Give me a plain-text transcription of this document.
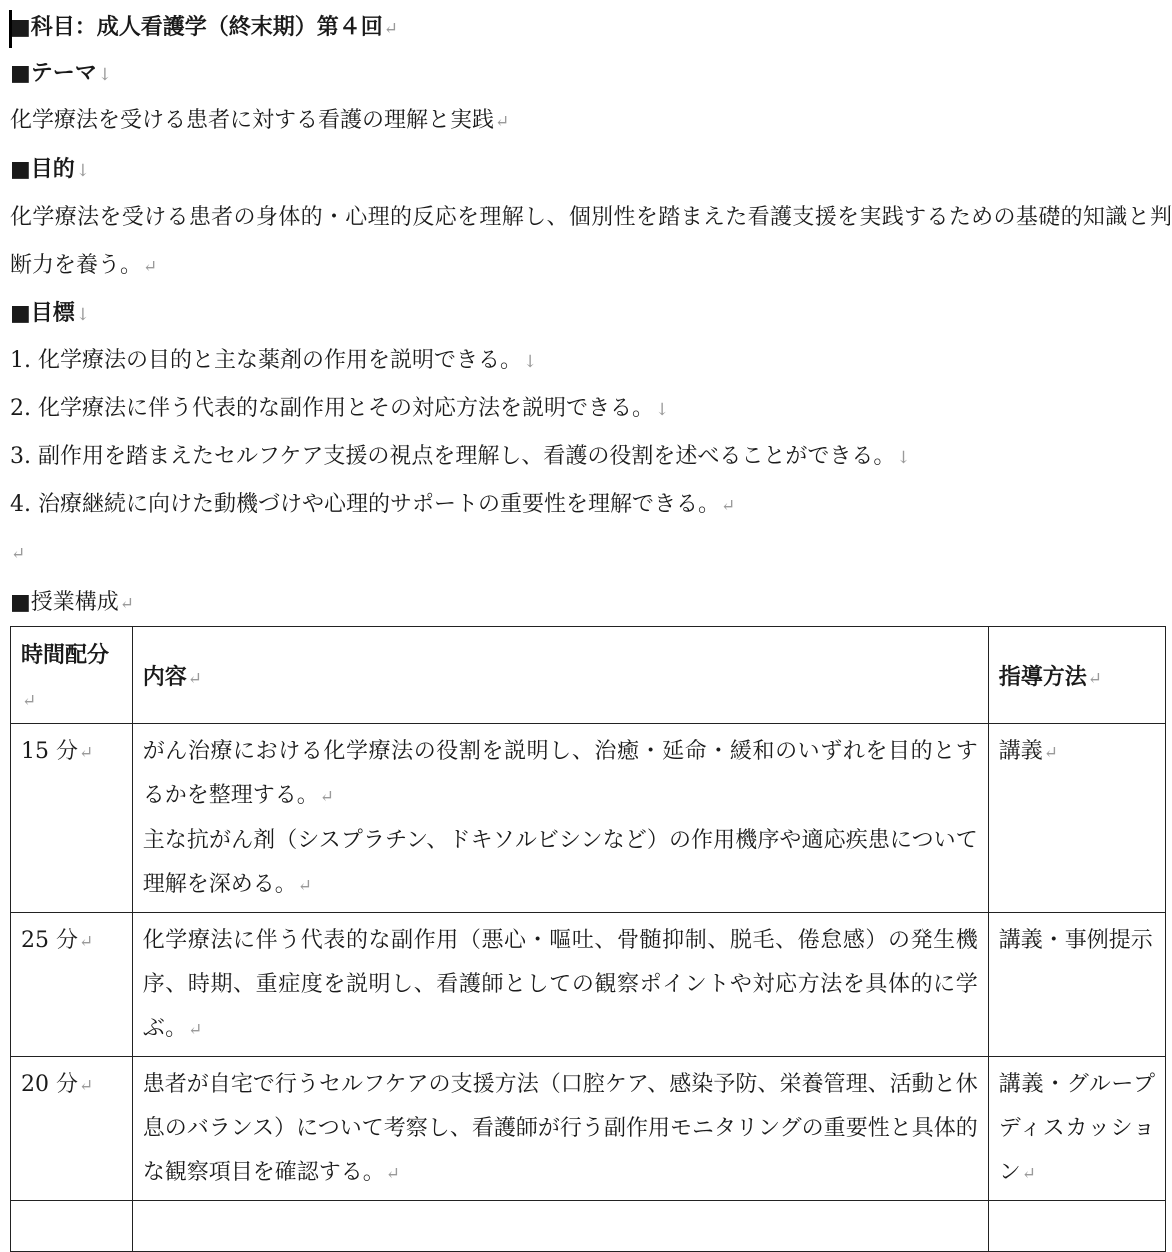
■科目：成人看護学（終末期）第４回↵
■テーマ↓
化学療法を受ける患者に対する看護の理解と実践↵
■目的↓
化学療法を受ける患者の身体的・心理的反応を理解し、個別性を踏まえた看護支援を実践するための基礎的知識と判断力を養う。↵
■目標↓
1. 化学療法の目的と主な薬剤の作用を説明できる。↓
2. 化学療法に伴う代表的な副作用とその対応方法を説明できる。↓
3. 副作用を踏まえたセルフケア支援の視点を理解し、看護の役割を述べることができる。↓
4. 治療継続に向けた動機づけや心理的サポートの重要性を理解できる。↵
↵
■授業構成↵
時間配分↵	内容↵	指導方法↵
15 分↵	がん治療における化学療法の役割を説明し、治癒・延命・緩和のいずれを目的とするかを整理する。↵
主な抗がん剤（シスプラチン、ドキソルビシンなど）の作用機序や適応疾患について理解を深める。↵	講義↵
25 分↵	化学療法に伴う代表的な副作用（悪心・嘔吐、骨髄抑制、脱毛、倦怠感）の発生機序、時期、重症度を説明し、看護師としての観察ポイントや対応方法を具体的に学ぶ。↵	講義・事例提示
20 分↵	患者が自宅で行うセルフケアの支援方法（口腔ケア、感染予防、栄養管理、活動と休息のバランス）について考察し、看護師が行う副作用モニタリングの重要性と具体的な観察項目を確認する。↵	講義・グループディスカッション↵
